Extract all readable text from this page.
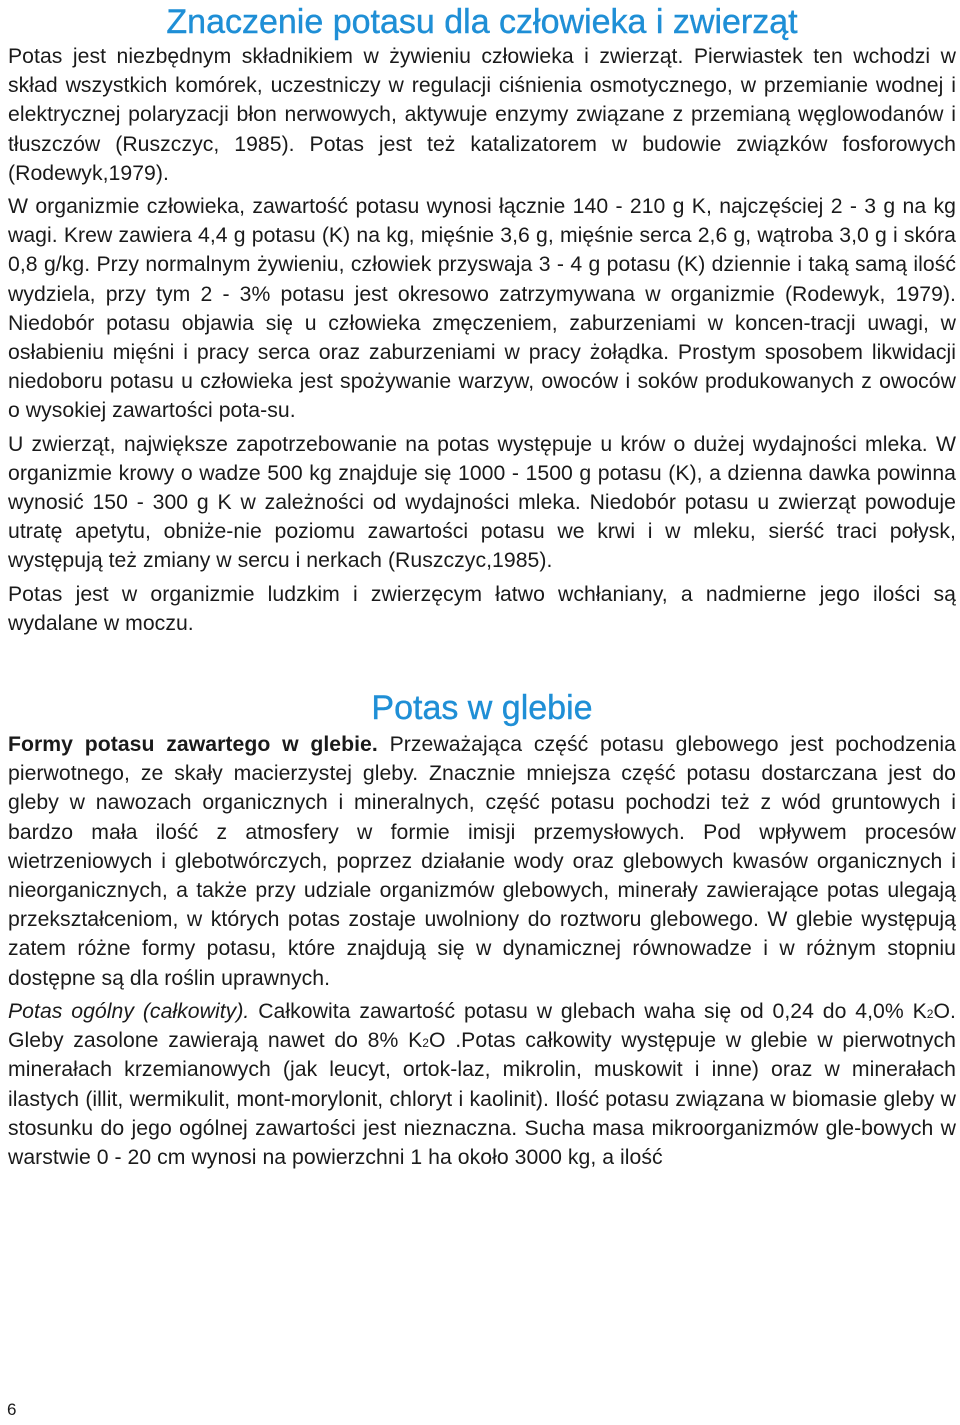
Znaczenie potasu dla człowieka i zwierząt

Potas jest niezbędnym składnikiem w żywieniu człowieka i zwierząt. Pierwiastek ten wchodzi w skład wszystkich komórek, uczestniczy w regulacji ciśnienia osmotycznego, w przemianie wodnej i elektrycznej polaryzacji błon nerwowych, aktywuje enzymy związane z przemianą węglowodanów i tłuszczów (Ruszczyc, 1985). Potas jest też katalizatorem w budowie związków fosforowych (Rodewyk,1979).

W organizmie człowieka, zawartość potasu wynosi łącznie 140 - 210 g K, najczęściej 2 - 3 g na kg wagi. Krew zawiera 4,4 g potasu (K) na kg, mięśnie 3,6 g, mięśnie serca 2,6 g, wątroba 3,0 g i skóra 0,8 g/kg. Przy normalnym żywieniu, człowiek przyswaja 3 - 4 g potasu (K) dziennie i taką samą ilość wydziela, przy tym 2 - 3% potasu jest okresowo zatrzymywana w organizmie (Rodewyk, 1979). Niedobór potasu objawia się u człowieka zmęczeniem, zaburzeniami w koncen-tracji uwagi, w osłabieniu mięśni i pracy serca oraz zaburzeniami w pracy żołądka. Prostym sposobem likwidacji niedoboru potasu u człowieka jest spożywanie warzyw, owoców i soków produkowanych z owoców o wysokiej zawartości pota-su.

U zwierząt, największe zapotrzebowanie na potas występuje u krów o dużej wydajności mleka. W organizmie krowy o wadze 500 kg znajduje się 1000 - 1500 g potasu (K), a dzienna dawka powinna wynosić 150 - 300 g K w zależności od wydajności mleka. Niedobór potasu u zwierząt powoduje utratę apetytu, obniże-nie poziomu zawartości potasu we krwi i w mleku, sierść traci połysk, występują też zmiany w sercu i nerkach (Ruszczyc,1985).

Potas jest w organizmie ludzkim i zwierzęcym łatwo wchłaniany, a nadmierne jego ilości są wydalane w moczu.

Potas w glebie

Formy potasu zawartego w glebie. Przeważająca część potasu glebowego jest pochodzenia pierwotnego, ze skały macierzystej gleby. Znacznie mniejsza część potasu dostarczana jest do gleby w nawozach organicznych i mineralnych, część potasu pochodzi też z wód gruntowych i bardzo mała ilość z atmosfery w formie imisji przemysłowych. Pod wpływem procesów wietrzeniowych i glebotwórczych, poprzez działanie wody oraz glebowych kwasów organicznych i nieorganicznych, a także przy udziale organizmów glebowych, minerały zawierające potas ulegają przekształceniom, w których potas zostaje uwolniony do roztworu glebowego. W glebie występują zatem różne formy potasu, które znajdują się w dynamicznej równowadze i w różnym stopniu dostępne są dla roślin uprawnych.

Potas ogólny (całkowity). Całkowita zawartość potasu w glebach waha się od 0,24 do 4,0% K2O. Gleby zasolone zawierają nawet do 8% K2O .Potas całkowity występuje w glebie w pierwotnych minerałach krzemianowych (jak leucyt, ortok-laz, mikrolin, muskowit i inne) oraz w minerałach ilastych (illit, wermikulit, mont-morylonit, chloryt i kaolinit). Ilość potasu związana w biomasie gleby w stosunku do jego ogólnej zawartości jest nieznaczna. Sucha masa mikroorganizmów gle-bowych w warstwie 0 - 20 cm wynosi na powierzchni 1 ha około 3000 kg, a ilość

6
